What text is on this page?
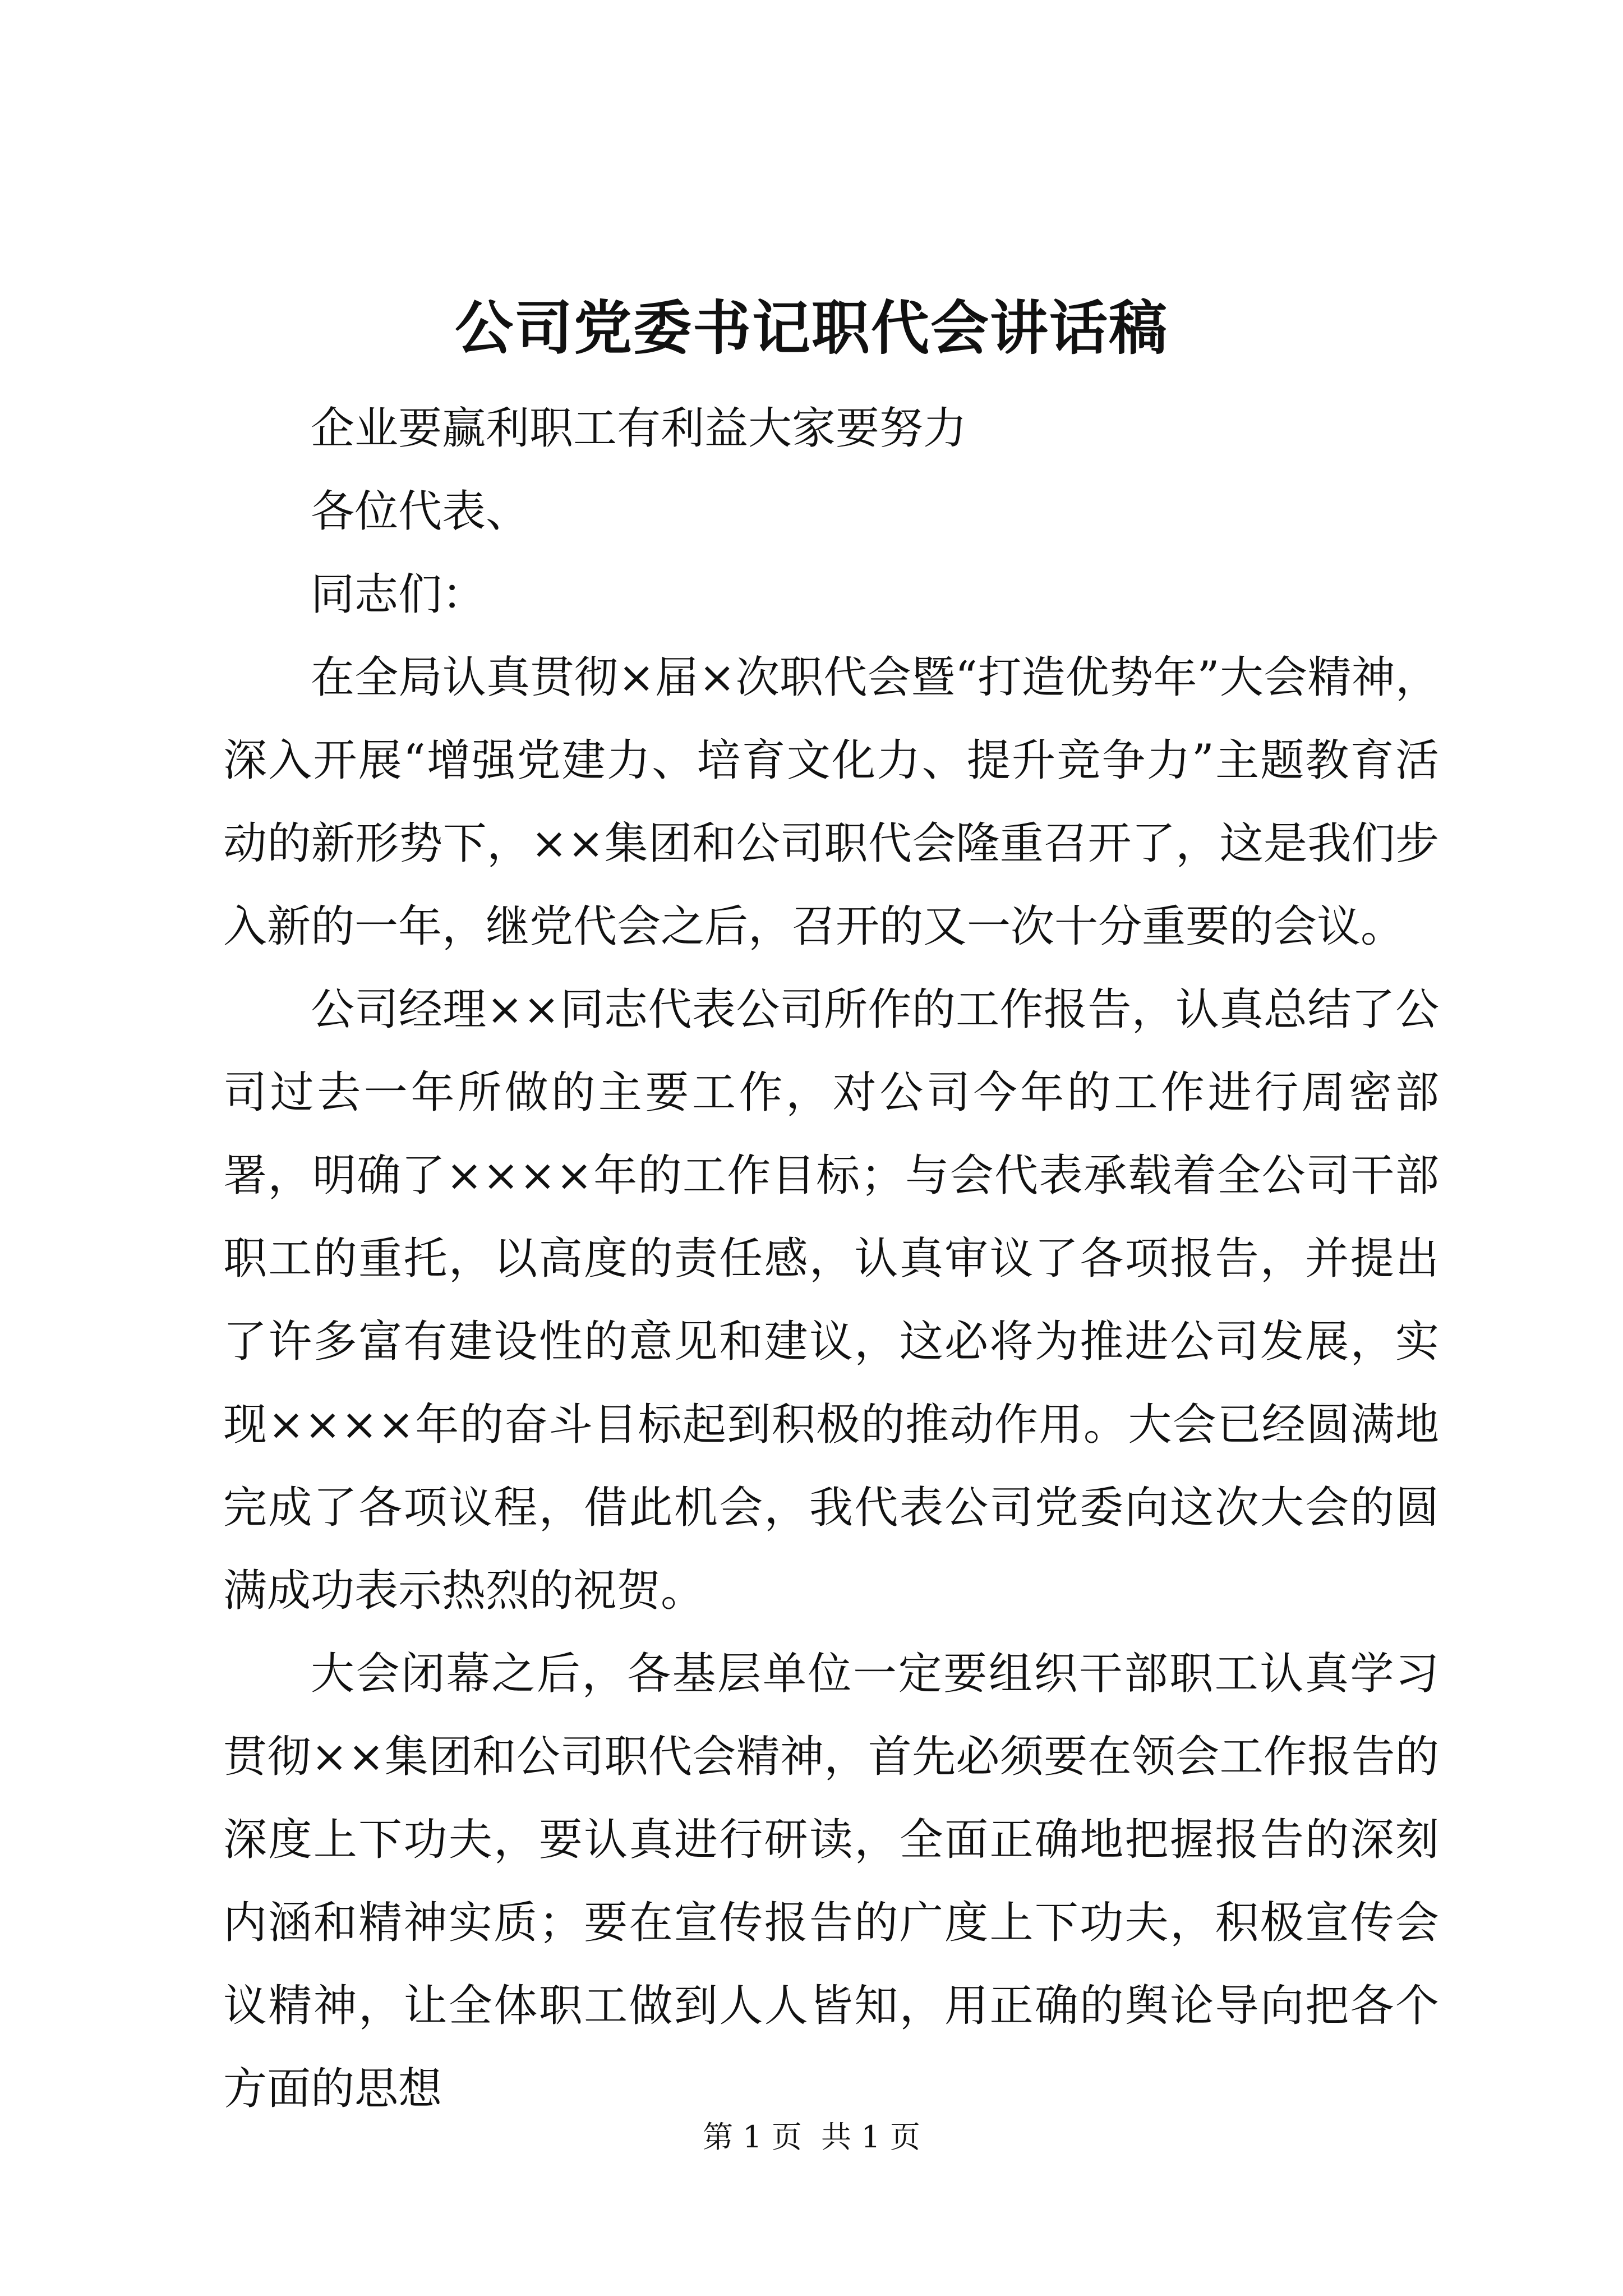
公司党委书记职代会讲话稿

企业要赢利职工有利益大家要努力

各位代表、

同志们：

在全局认真贯彻×届×次职代会暨“打造优势年”大会精神，深入开展“增强党建力、培育文化力、提升竞争力”主题教育活动的新形势下，××集团和公司职代会隆重召开了，这是我们步入新的一年，继党代会之后，召开的又一次十分重要的会议。

公司经理××同志代表公司所作的工作报告，认真总结了公司过去一年所做的主要工作，对公司今年的工作进行周密部署，明确了××××年的工作目标；与会代表承载着全公司干部职工的重托，以高度的责任感，认真审议了各项报告，并提出了许多富有建设性的意见和建议，这必将为推进公司发展，实现××××年的奋斗目标起到积极的推动作用。大会已经圆满地完成了各项议程，借此机会，我代表公司党委向这次大会的圆满成功表示热烈的祝贺。

大会闭幕之后，各基层单位一定要组织干部职工认真学习贯彻××集团和公司职代会精神，首先必须要在领会工作报告的深度上下功夫，要认真进行研读，全面正确地把握报告的深刻内涵和精神实质；要在宣传报告的广度上下功夫，积极宣传会议精神，让全体职工做到人人皆知，用正确的舆论导向把各个方面的思想

第 1 页  共 1 页
